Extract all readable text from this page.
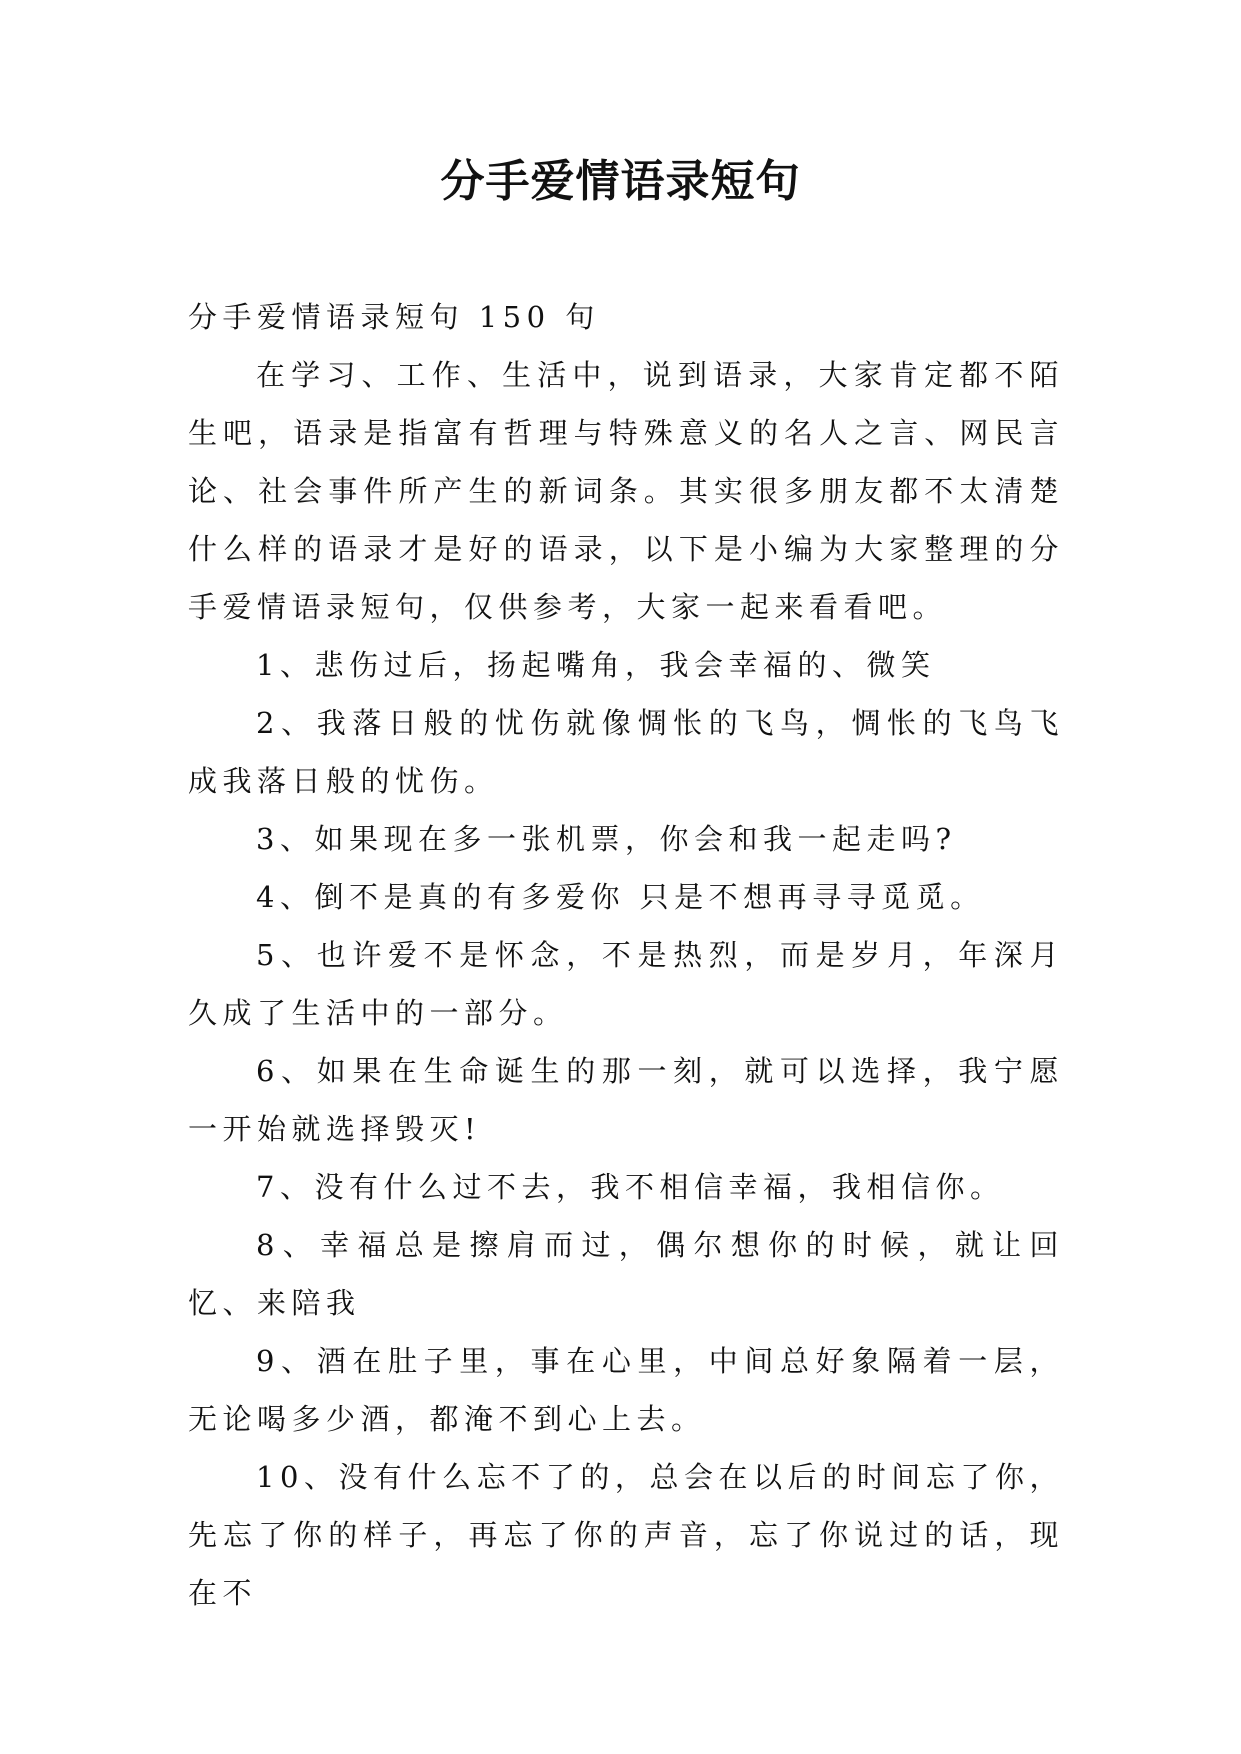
分手爱情语录短句

分手爱情语录短句 150 句

在学习、工作、生活中，说到语录，大家肯定都不陌生吧，语录是指富有哲理与特殊意义的名人之言、网民言论、社会事件所产生的新词条。其实很多朋友都不太清楚什么样的语录才是好的语录，以下是小编为大家整理的分手爱情语录短句，仅供参考，大家一起来看看吧。

1、悲伤过后，扬起嘴角，我会幸福的、微笑

2、我落日般的忧伤就像惆怅的飞鸟，惆怅的飞鸟飞成我落日般的忧伤。

3、如果现在多一张机票，你会和我一起走吗?

4、倒不是真的有多爱你 只是不想再寻寻觅觅。

5、也许爱不是怀念，不是热烈，而是岁月，年深月久成了生活中的一部分。

6、如果在生命诞生的那一刻，就可以选择，我宁愿一开始就选择毁灭!

7、没有什么过不去，我不相信幸福，我相信你。

8、幸福总是擦肩而过，偶尔想你的时候，就让回忆、来陪我

9、酒在肚子里，事在心里，中间总好象隔着一层，无论喝多少酒，都淹不到心上去。

10、没有什么忘不了的，总会在以后的时间忘了你，先忘了你的样子，再忘了你的声音，忘了你说过的话，现在不
